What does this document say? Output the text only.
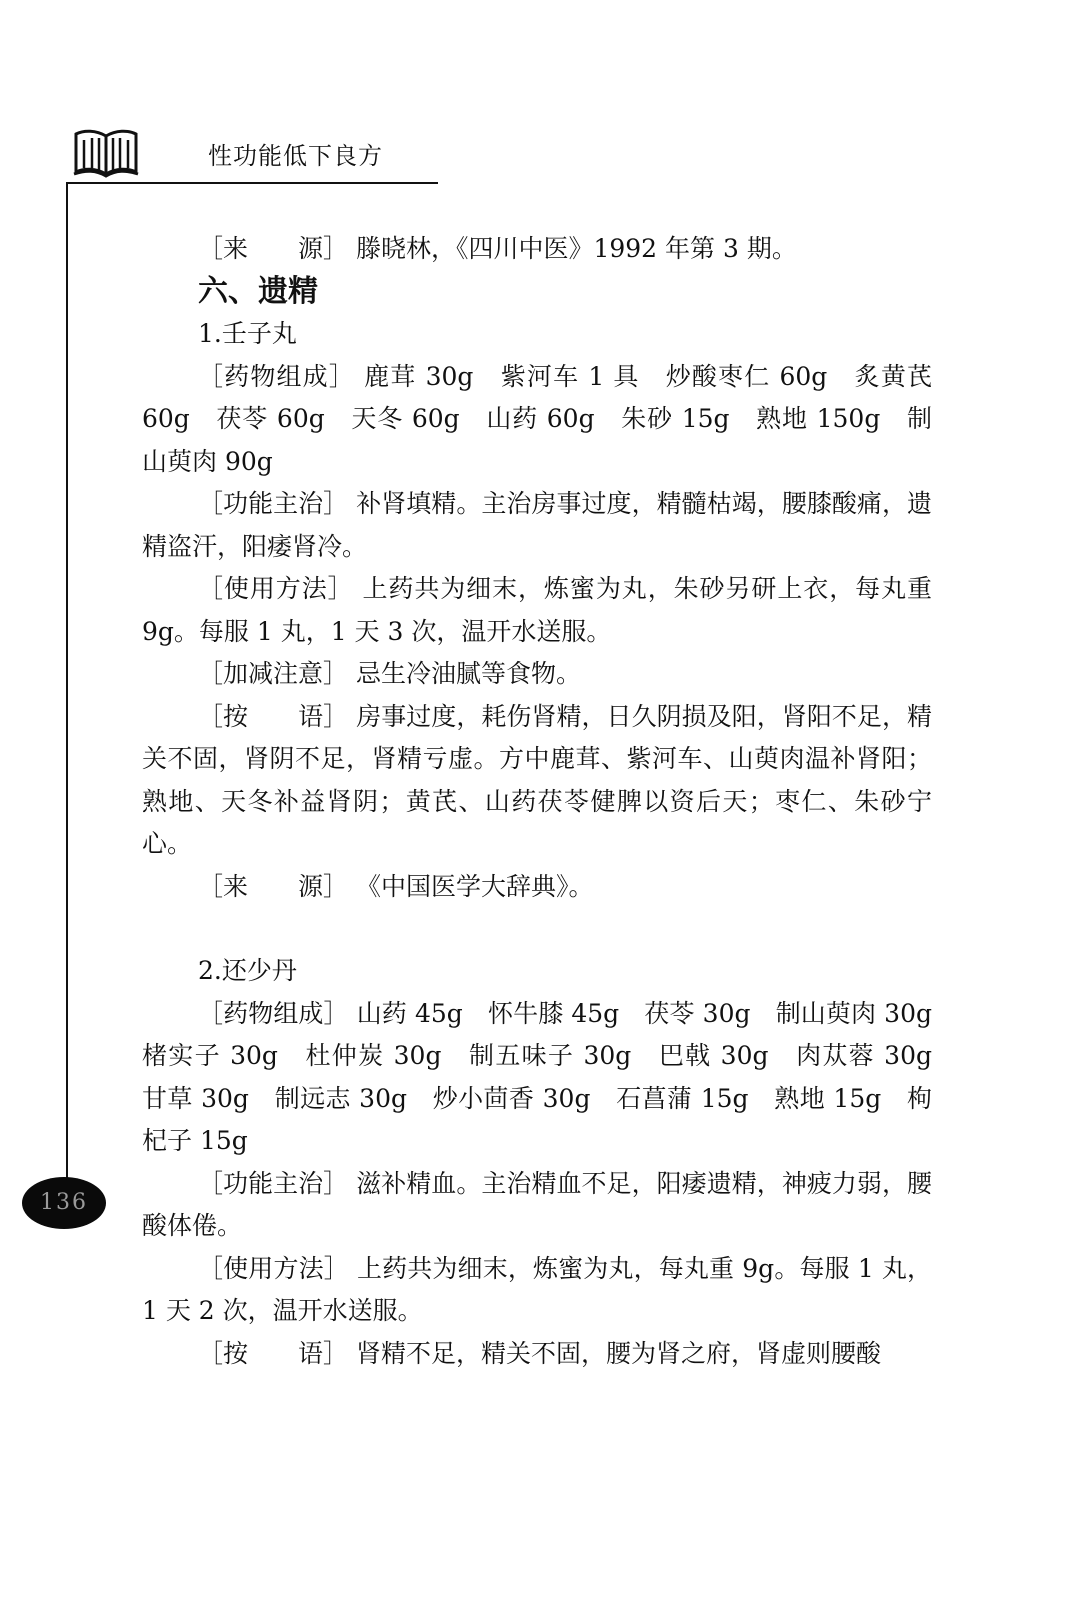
性功能低下良方
136

［来　　源］ 滕晓林，《四川中医》1992 年第 3 期。

六、遗精

1.壬子丸

［药物组成］ 鹿茸 30g　紫河车 1 具　炒酸枣仁 60g　炙黄芪 60g　茯苓 60g　天冬 60g　山药 60g　朱砂 15g　熟地 150g　制山萸肉 90g

［功能主治］ 补肾填精。主治房事过度，精髓枯竭，腰膝酸痛，遗精盗汗，阳痿肾冷。

［使用方法］ 上药共为细末，炼蜜为丸，朱砂另研上衣，每丸重 9g。每服 1 丸，1 天 3 次，温开水送服。

［加减注意］ 忌生冷油腻等食物。

［按　　语］ 房事过度，耗伤肾精，日久阴损及阳，肾阳不足，精关不固，肾阴不足，肾精亏虚。方中鹿茸、紫河车、山萸肉温补肾阳；熟地、天冬补益肾阴；黄芪、山药茯苓健脾以资后天；枣仁、朱砂宁心。

［来　　源］ 《中国医学大辞典》。

2.还少丹

［药物组成］ 山药 45g　怀牛膝 45g　茯苓 30g　制山萸肉 30g　楮实子 30g　杜仲炭 30g　制五味子 30g　巴戟 30g　肉苁蓉 30g　甘草 30g　制远志 30g　炒小茴香 30g　石菖蒲 15g　熟地 15g　枸杞子 15g

［功能主治］ 滋补精血。主治精血不足，阳痿遗精，神疲力弱，腰酸体倦。

［使用方法］ 上药共为细末，炼蜜为丸，每丸重 9g。每服 1 丸，1 天 2 次，温开水送服。

［按　　语］ 肾精不足，精关不固，腰为肾之府，肾虚则腰酸
